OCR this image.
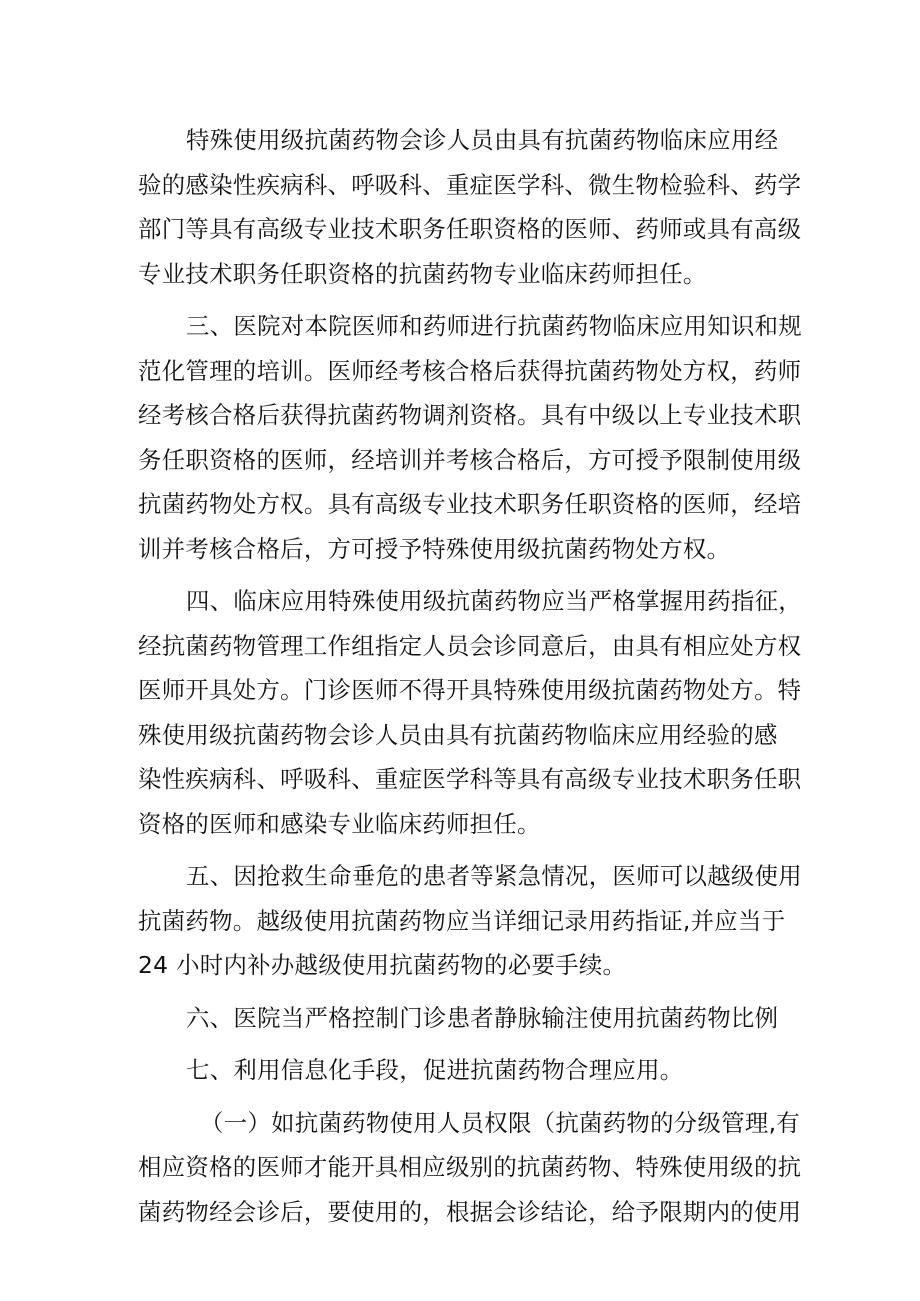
特殊使用级抗菌药物会诊人员由具有抗菌药物临床应用经
验的感染性疾病科、呼吸科、重症医学科、微生物检验科、药学
部门等具有高级专业技术职务任职资格的医师、药师或具有高级
专业技术职务任职资格的抗菌药物专业临床药师担任。
三、医院对本院医师和药师进行抗菌药物临床应用知识和规
范化管理的培训。医师经考核合格后获得抗菌药物处方权，药师
经考核合格后获得抗菌药物调剂资格。具有中级以上专业技术职
务任职资格的医师，经培训并考核合格后，方可授予限制使用级
抗菌药物处方权。具有高级专业技术职务任职资格的医师，经培
训并考核合格后，方可授予特殊使用级抗菌药物处方权。
四、临床应用特殊使用级抗菌药物应当严格掌握用药指征，
经抗菌药物管理工作组指定人员会诊同意后，由具有相应处方权
医师开具处方。门诊医师不得开具特殊使用级抗菌药物处方。特
殊使用级抗菌药物会诊人员由具有抗菌药物临床应用经验的感
染性疾病科、呼吸科、重症医学科等具有高级专业技术职务任职
资格的医师和感染专业临床药师担任。
五、因抢救生命垂危的患者等紧急情况，医师可以越级使用
抗菌药物。越级使用抗菌药物应当详细记录用药指证,并应当于
24 小时内补办越级使用抗菌药物的必要手续。
六、医院当严格控制门诊患者静脉输注使用抗菌药物比例
七、利用信息化手段，促进抗菌药物合理应用。
（一）如抗菌药物使用人员权限（抗菌药物的分级管理,有
相应资格的医师才能开具相应级别的抗菌药物、特殊使用级的抗
菌药物经会诊后，要使用的，根据会诊结论，给予限期内的使用
